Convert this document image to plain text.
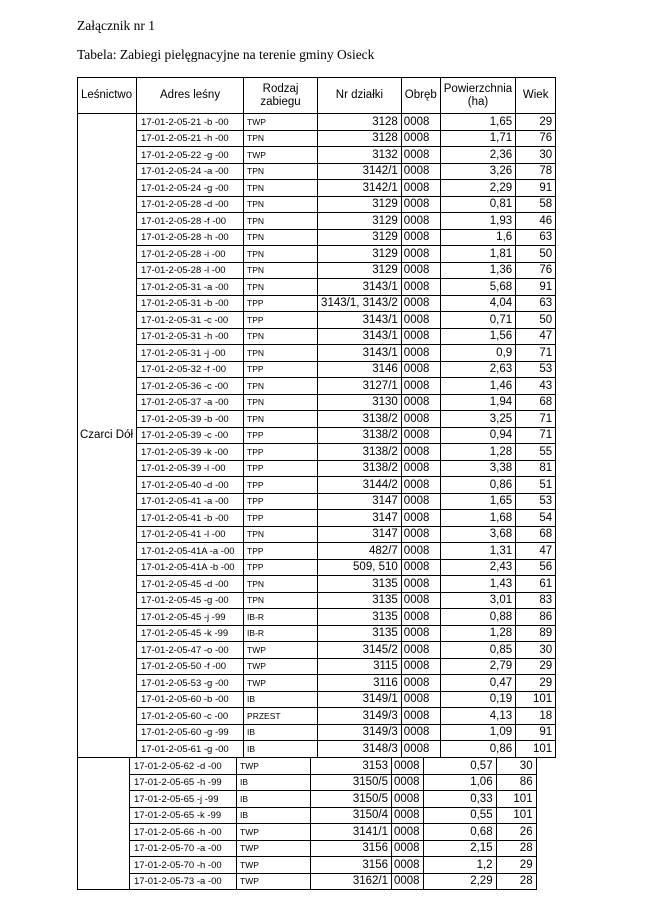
Załącznik nr 1
Tabela: Zabiegi pielęgnacyjne na terenie gminy Osieck
Leśnictwo	Adres leśny	Rodzaj zabiegu	Nr działki	Obręb	Powierzchnia (ha)	Wiek
Czarci Dół	17-01-2-05-21 -b -00	TWP	3128	0008	1,65	29
	17-01-2-05-21 -h -00	TPN	3128	0008	1,71	76
	17-01-2-05-22 -g -00	TWP	3132	0008	2,36	30
	17-01-2-05-24 -a -00	TPN	3142/1	0008	3,26	78
	17-01-2-05-24 -g -00	TPN	3142/1	0008	2,29	91
	17-01-2-05-28 -d -00	TPN	3129	0008	0,81	58
	17-01-2-05-28 -f -00	TPN	3129	0008	1,93	46
	17-01-2-05-28 -h -00	TPN	3129	0008	1,6	63
	17-01-2-05-28 -i -00	TPN	3129	0008	1,81	50
	17-01-2-05-28 -l -00	TPN	3129	0008	1,36	76
	17-01-2-05-31 -a -00	TPN	3143/1	0008	5,68	91
	17-01-2-05-31 -b -00	TPP	3143/1, 3143/2	0008	4,04	63
	17-01-2-05-31 -c -00	TPP	3143/1	0008	0,71	50
	17-01-2-05-31 -h -00	TPN	3143/1	0008	1,56	47
	17-01-2-05-31 -j -00	TPN	3143/1	0008	0,9	71
	17-01-2-05-32 -f -00	TPP	3146	0008	2,63	53
	17-01-2-05-36 -c -00	TPN	3127/1	0008	1,46	43
	17-01-2-05-37 -a -00	TPN	3130	0008	1,94	68
	17-01-2-05-39 -b -00	TPN	3138/2	0008	3,25	71
	17-01-2-05-39 -c -00	TPP	3138/2	0008	0,94	71
	17-01-2-05-39 -k -00	TPP	3138/2	0008	1,28	55
	17-01-2-05-39 -l -00	TPP	3138/2	0008	3,38	81
	17-01-2-05-40 -d -00	TPP	3144/2	0008	0,86	51
	17-01-2-05-41 -a -00	TPP	3147	0008	1,65	53
	17-01-2-05-41 -b -00	TPP	3147	0008	1,68	54
	17-01-2-05-41 -l -00	TPN	3147	0008	3,68	68
	17-01-2-05-41A -a -00	TPP	482/7	0008	1,31	47
	17-01-2-05-41A -b -00	TPP	509, 510	0008	2,43	56
	17-01-2-05-45 -d -00	TPN	3135	0008	1,43	61
	17-01-2-05-45 -g -00	TPN	3135	0008	3,01	83
	17-01-2-05-45 -j -99	IB-R	3135	0008	0,88	86
	17-01-2-05-45 -k -99	IB-R	3135	0008	1,28	89
	17-01-2-05-47 -o -00	TWP	3145/2	0008	0,85	30
	17-01-2-05-50 -f -00	TWP	3115	0008	2,79	29
	17-01-2-05-53 -g -00	TWP	3116	0008	0,47	29
	17-01-2-05-60 -b -00	IB	3149/1	0008	0,19	101
	17-01-2-05-60 -c -00	PRZEST	3149/3	0008	4,13	18
	17-01-2-05-60 -g -99	IB	3149/3	0008	1,09	91
	17-01-2-05-61 -g -00	IB	3148/3	0008	0,86	101
	17-01-2-05-62 -d -00	TWP	3153	0008	0,57	30
	17-01-2-05-65 -h -99	IB	3150/5	0008	1,06	86
	17-01-2-05-65 -j -99	IB	3150/5	0008	0,33	101
	17-01-2-05-65 -k -99	IB	3150/4	0008	0,55	101
	17-01-2-05-66 -h -00	TWP	3141/1	0008	0,68	26
	17-01-2-05-70 -a -00	TWP	3156	0008	2,15	28
	17-01-2-05-70 -h -00	TWP	3156	0008	1,2	29
	17-01-2-05-73 -a -00	TWP	3162/1	0008	2,29	28
